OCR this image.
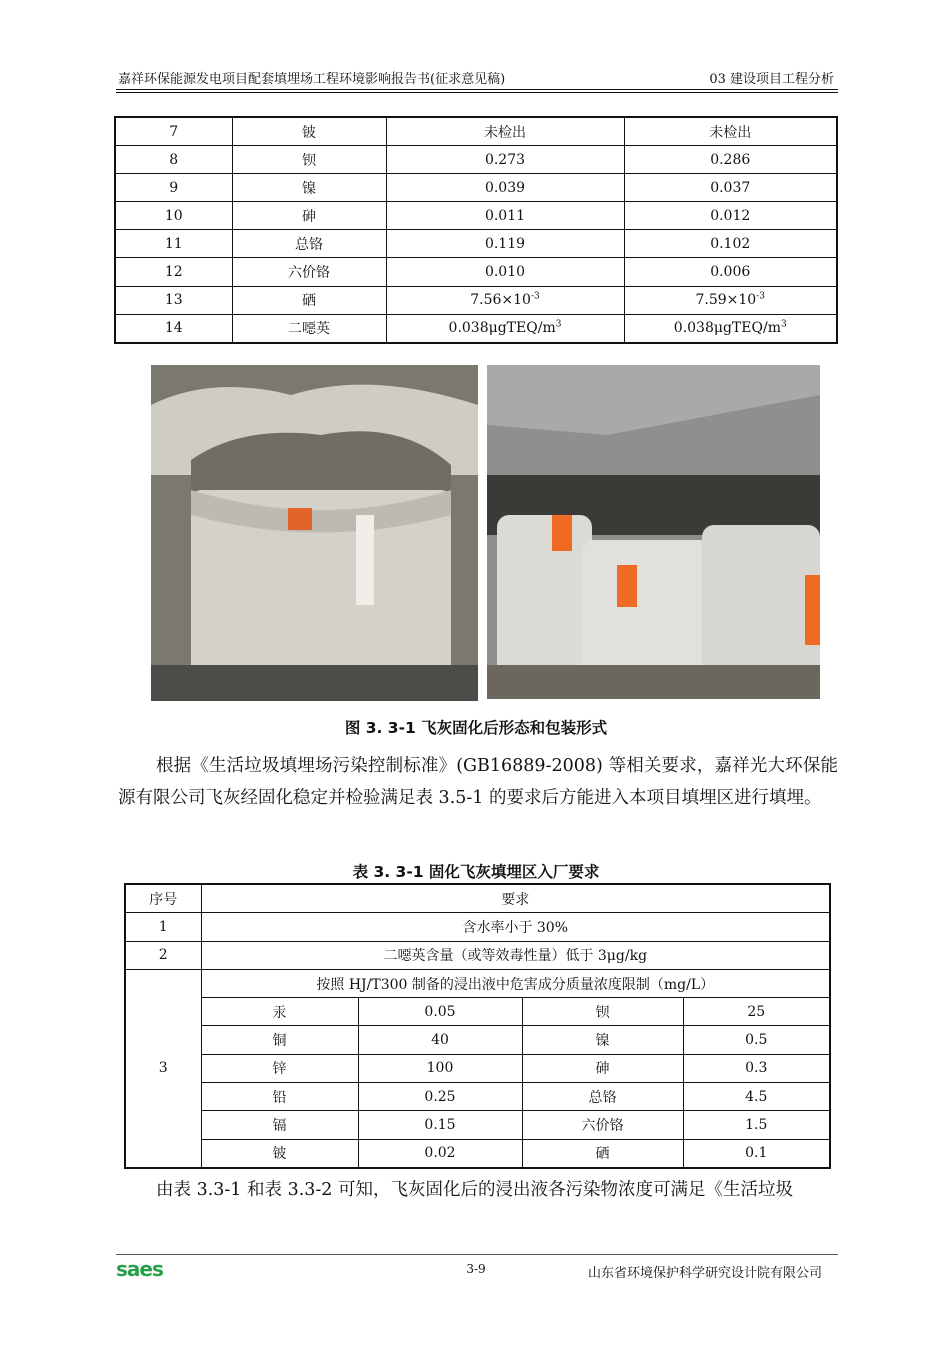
嘉祥环保能源发电项目配套填埋场工程环境影响报告书(征求意见稿)	03 建设项目工程分析
7	铍	未检出	未检出
8	钡	0.273	0.286
9	镍	0.039	0.037
10	砷	0.011	0.012
11	总铬	0.119	0.102
12	六价铬	0.010	0.006
13	硒	$7.56\times 10^{-3}$	$7.59\times 10^{-3}$
14	二噁英	$0.038\mu gTEQ/m^3$	$0.038\mu gTEQ/m^3$
图 3. 3-1 飞灰固化后形态和包装形式
根据《生活垃圾填埋场污染控制标准》(GB16889-2008) 等相关要求，嘉祥光大环保能源有限公司飞灰经固化稳定并检验满足表 3.5-1 的要求后方能进入本项目填埋区进行填埋。
表 3. 3-1 固化飞灰填埋区入厂要求
序号	要求			
1	含水率小于 30%			
2	二噁英含量（或等效毒性量）低于 3μg/kg			
3	按照 HJ/T300 制备的浸出液中危害成分质量浓度限制（mg/L）			
	汞	0.05	钡	25
	铜	40	镍	0.5
	锌	100	砷	0.3
	铅	0.25	总铬	4.5
	镉	0.15	六价铬	1.5
	铍	0.02	硒	0.1
由表 3.3-1 和表 3.3-2 可知，飞灰固化后的浸出液各污染物浓度可满足《生活垃圾
saes	3-9	山东省环境保护科学研究设计院有限公司
